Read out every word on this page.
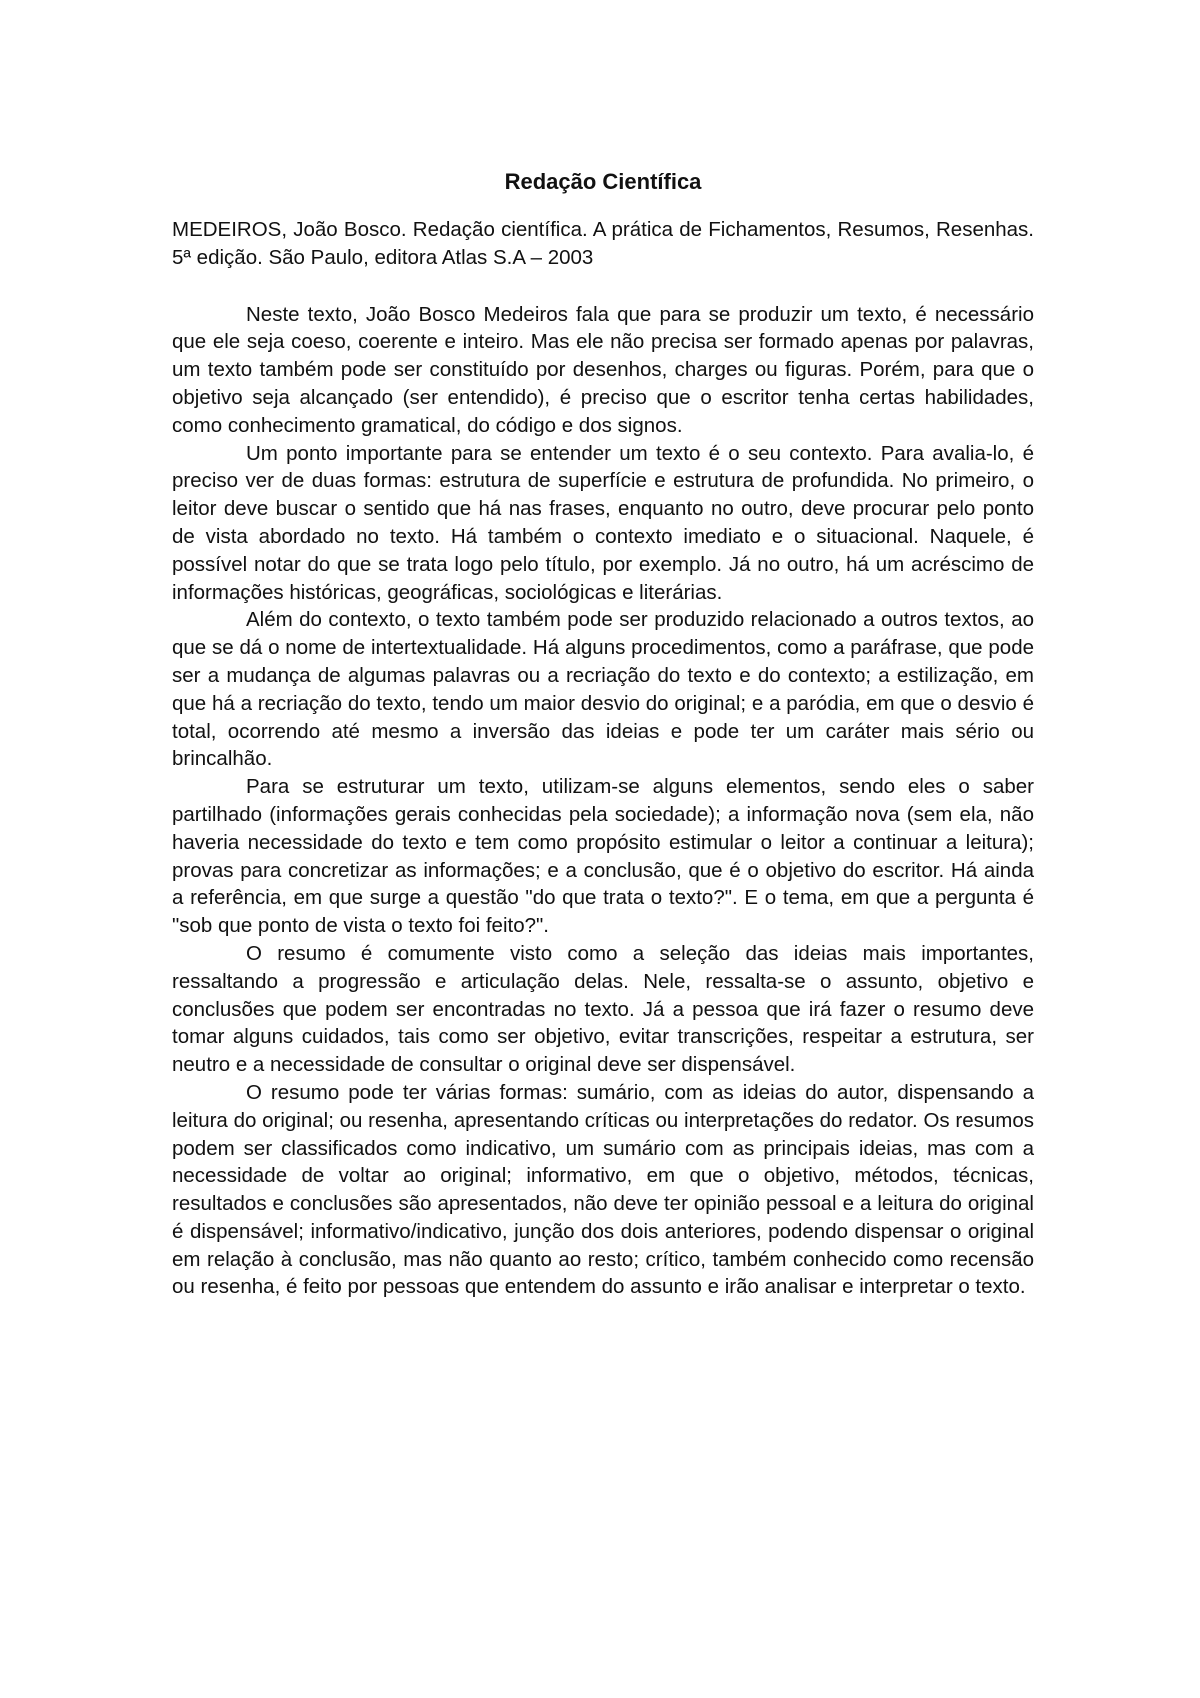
Redação Científica

MEDEIROS, João Bosco. Redação científica. A prática de Fichamentos, Resumos, Resenhas. 5ª edição. São Paulo, editora Atlas S.A – 2003

Neste texto, João Bosco Medeiros fala que para se produzir um texto, é necessário que ele seja coeso, coerente e inteiro. Mas ele não precisa ser formado apenas por palavras, um texto também pode ser constituído por desenhos, charges ou figuras. Porém, para que o objetivo seja alcançado (ser entendido), é preciso que o escritor tenha certas habilidades, como conhecimento gramatical, do código e dos signos.

Um ponto importante para se entender um texto é o seu contexto. Para avalia-lo, é preciso ver de duas formas: estrutura de superfície e estrutura de profundida. No primeiro, o leitor deve buscar o sentido que há nas frases, enquanto no outro, deve procurar pelo ponto de vista abordado no texto. Há também o contexto imediato e o situacional. Naquele, é possível notar do que se trata logo pelo título, por exemplo. Já no outro, há um acréscimo de informações históricas, geográficas, sociológicas e literárias.

Além do contexto, o texto também pode ser produzido relacionado a outros textos, ao que se dá o nome de intertextualidade. Há alguns procedimentos, como a paráfrase, que pode ser a mudança de algumas palavras ou a recriação do texto e do contexto; a estilização, em que há a recriação do texto, tendo um maior desvio do original; e a paródia, em que o desvio é total, ocorrendo até mesmo a inversão das ideias e pode ter um caráter mais sério ou brincalhão.

Para se estruturar um texto, utilizam-se alguns elementos, sendo eles o saber partilhado (informações gerais conhecidas pela sociedade); a informação nova (sem ela, não haveria necessidade do texto e tem como propósito estimular o leitor a continuar a leitura); provas para concretizar as informações; e a conclusão, que é o objetivo do escritor. Há ainda a referência, em que surge a questão "do que trata o texto?". E o tema, em que a pergunta é "sob que ponto de vista o texto foi feito?".

O resumo é comumente visto como a seleção das ideias mais importantes, ressaltando a progressão e articulação delas. Nele, ressalta-se o assunto, objetivo e conclusões que podem ser encontradas no texto. Já a pessoa que irá fazer o resumo deve tomar alguns cuidados, tais como ser objetivo, evitar transcrições, respeitar a estrutura, ser neutro e a necessidade de consultar o original deve ser dispensável.

O resumo pode ter várias formas: sumário, com as ideias do autor, dispensando a leitura do original; ou resenha, apresentando críticas ou interpretações do redator. Os resumos podem ser classificados como indicativo, um sumário com as principais ideias, mas com a necessidade de voltar ao original; informativo, em que o objetivo, métodos, técnicas, resultados e conclusões são apresentados, não deve ter opinião pessoal e a leitura do original é dispensável; informativo/indicativo, junção dos dois anteriores, podendo dispensar o original em relação à conclusão, mas não quanto ao resto; crítico, também conhecido como recensão ou resenha, é feito por pessoas que entendem do assunto e irão analisar e interpretar o texto.
